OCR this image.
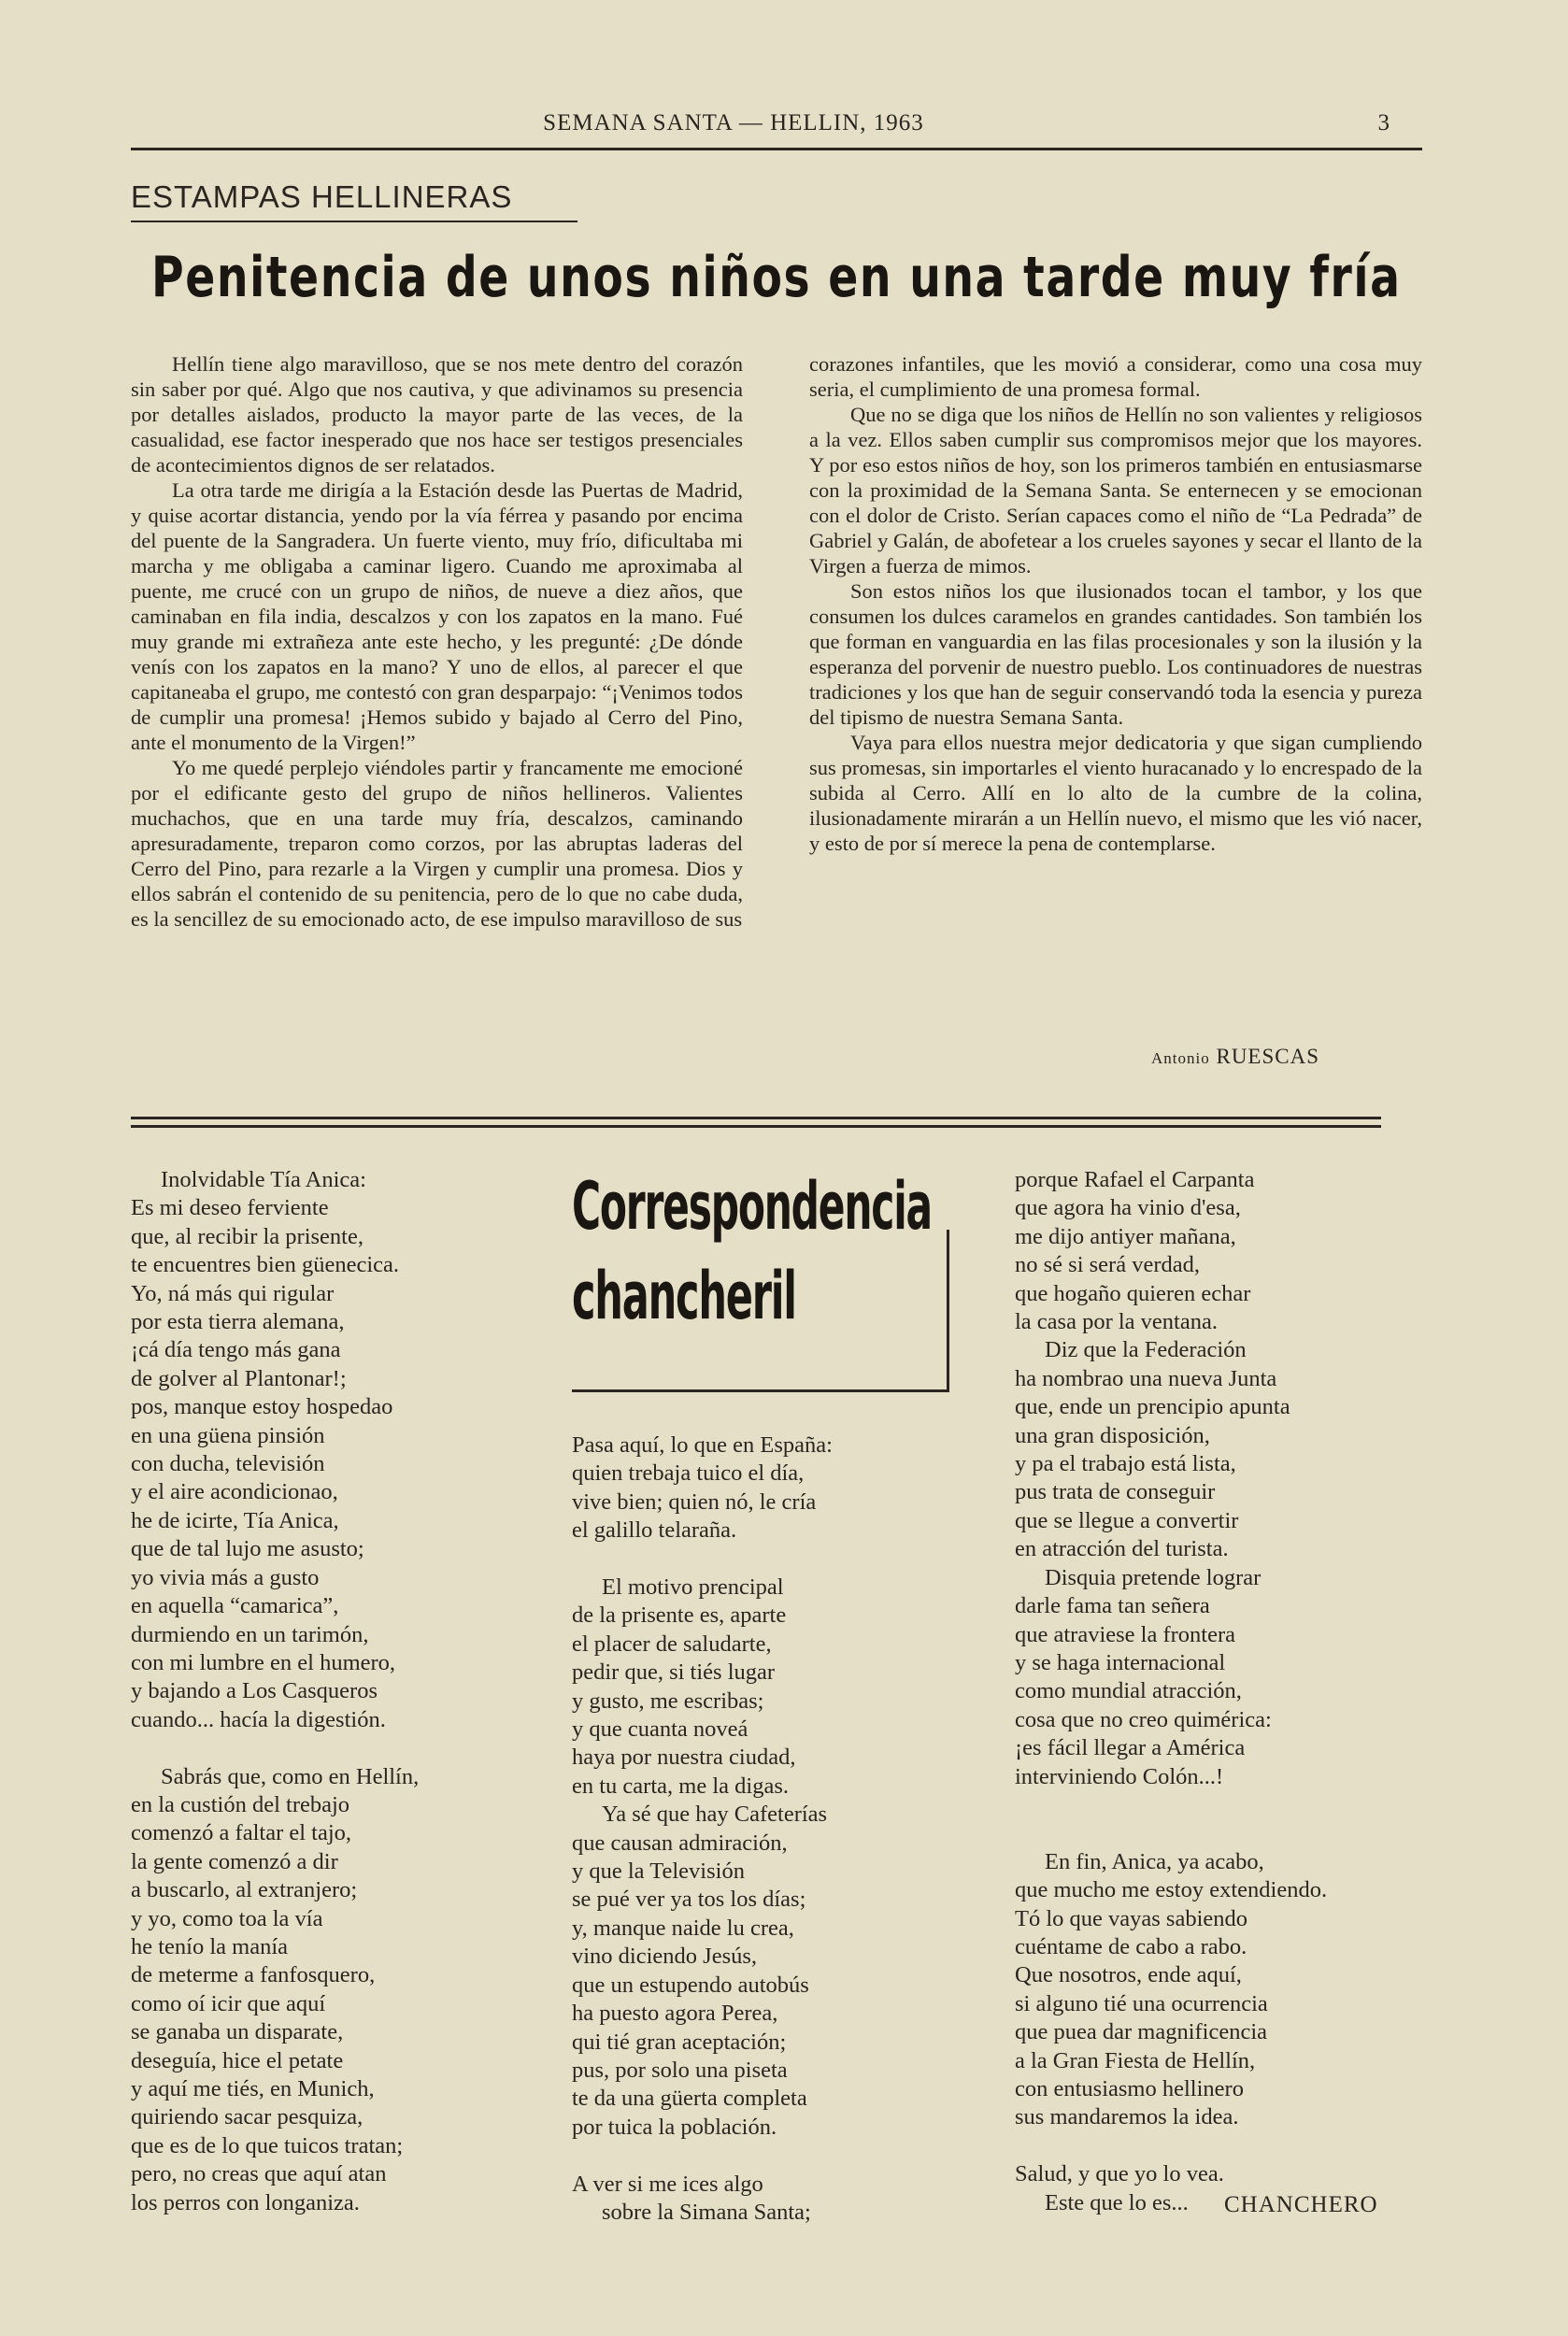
SEMANA SANTA — HELLIN, 1963	3
ESTAMPAS HELLINERAS
Penitencia de unos niños en una tarde muy fría

Hellín tiene algo maravilloso, que se nos mete dentro del corazón sin saber por qué. Algo que nos cautiva, y que adivinamos su presencia por detalles aislados, producto la mayor parte de las veces, de la casualidad, ese factor inesperado que nos hace ser testigos presenciales de acontecimientos dignos de ser relatados.

La otra tarde me dirigía a la Estación desde las Puertas de Madrid, y quise acortar distancia, yendo por la vía férrea y pasando por encima del puente de la Sangradera. Un fuerte viento, muy frío, dificultaba mi marcha y me obligaba a caminar ligero. Cuando me aproximaba al puente, me crucé con un grupo de niños, de nueve a diez años, que caminaban en fila india, descalzos y con los zapatos en la mano. Fué muy grande mi extrañeza ante este hecho, y les pregunté: ¿De dónde venís con los zapatos en la mano? Y uno de ellos, al parecer el que capitaneaba el grupo, me contestó con gran desparpajo: “¡Venimos todos de cumplir una promesa! ¡Hemos subido y bajado al Cerro del Pino, ante el monumento de la Virgen!”

Yo me quedé perplejo viéndoles partir y francamente me emocioné por el edificante gesto del grupo de niños hellineros. Valientes muchachos, que en una tarde muy fría, descalzos, caminando apresuradamente, treparon como corzos, por las abruptas laderas del Cerro del Pino, para rezarle a la Virgen y cumplir una promesa. Dios y ellos sabrán el contenido de su penitencia, pero de lo que no cabe duda, es la sencillez de su emocionado acto, de ese impulso maravilloso de sus

corazones infantiles, que les movió a considerar, como una cosa muy seria, el cumplimiento de una promesa formal.

Que no se diga que los niños de Hellín no son valientes y religiosos a la vez. Ellos saben cumplir sus compromisos mejor que los mayores. Y por eso estos niños de hoy, son los primeros también en entusiasmarse con la proximidad de la Semana Santa. Se enternecen y se emocionan con el dolor de Cristo. Serían capaces como el niño de “La Pedrada” de Gabriel y Galán, de abofetear a los crueles sayones y secar el llanto de la Virgen a fuerza de mimos.

Son estos niños los que ilusionados tocan el tambor, y los que consumen los dulces caramelos en grandes cantidades. Son también los que forman en vanguardia en las filas procesionales y son la ilusión y la esperanza del porvenir de nuestro pueblo. Los continuadores de nuestras tradiciones y los que han de seguir conservandó toda la esencia y pureza del tipismo de nuestra Semana Santa.

Vaya para ellos nuestra mejor dedicatoria y que sigan cumpliendo sus promesas, sin importarles el viento huracanado y lo encrespado de la subida al Cerro. Allí en lo alto de la cumbre de la colina, ilusionadamente mirarán a un Hellín nuevo, el mismo que les vió nacer, y esto de por sí merece la pena de contemplarse.

Antonio RUESCAS
Inolvidable Tía Anica:
Es mi deseo ferviente
que, al recibir la prisente,
te encuentres bien güenecica.
Yo, ná más qui rigular
por esta tierra alemana,
¡cá día tengo más gana
de golver al Plantonar!;
pos, manque estoy hospedao
en una güena pinsión
con ducha, televisión
y el aire acondicionao,
he de icirte, Tía Anica,
que de tal lujo me asusto;
yo vivia más a gusto
en aquella “camarica”,
durmiendo en un tarimón,
con mi lumbre en el humero,
y bajando a Los Casqueros
cuando... hacía la digestión.
Sabrás que, como en Hellín,
en la custión del trebajo
comenzó a faltar el tajo,
la gente comenzó a dir
a buscarlo, al extranjero;
y yo, como toa la vía
he tenío la manía
de meterme a fanfosquero,
como oí icir que aquí
se ganaba un disparate,
deseguía, hice el petate
y aquí me tiés, en Munich,
quiriendo sacar pesquiza,
que es de lo que tuicos tratan;
pero, no creas que aquí atan
los perros con longaniza.
Correspondencia
chancheril
Pasa aquí, lo que en España:
quien trebaja tuico el día,
vive bien; quien nó, le cría
el galillo telaraña.
El motivo prencipal
de la prisente es, aparte
el placer de saludarte,
pedir que, si tiés lugar
y gusto, me escribas;
y que cuanta noveá
haya por nuestra ciudad,
en tu carta, me la digas.
Ya sé que hay Cafeterías
que causan admiración,
y que la Televisión
se pué ver ya tos los días;
y, manque naide lu crea,
vino diciendo Jesús,
que un estupendo autobús
ha puesto agora Perea,
qui tié gran aceptación;
pus, por solo una piseta
te da una güerta completa
por tuica la población.
A ver si me ices algo
sobre la Simana Santa;
porque Rafael el Carpanta
que agora ha vinio d'esa,
me dijo antiyer mañana,
no sé si será verdad,
que hogaño quieren echar
la casa por la ventana.
Diz que la Federación
ha nombrao una nueva Junta
que, ende un prencipio apunta
una gran disposición,
y pa el trabajo está lista,
pus trata de conseguir
que se llegue a convertir
en atracción del turista.
Disquia pretende lograr
darle fama tan señera
que atraviese la frontera
y se haga internacional
como mundial atracción,
cosa que no creo quimérica:
¡es fácil llegar a América
interviniendo Colón...!
En fin, Anica, ya acabo,
que mucho me estoy extendiendo.
Tó lo que vayas sabiendo
cuéntame de cabo a rabo.
Que nosotros, ende aquí,
si alguno tié una ocurrencia
que puea dar magnificencia
a la Gran Fiesta de Hellín,
con entusiasmo hellinero
sus mandaremos la idea.
Salud, y que yo lo vea.
Este que lo es...	CHANCHERO
